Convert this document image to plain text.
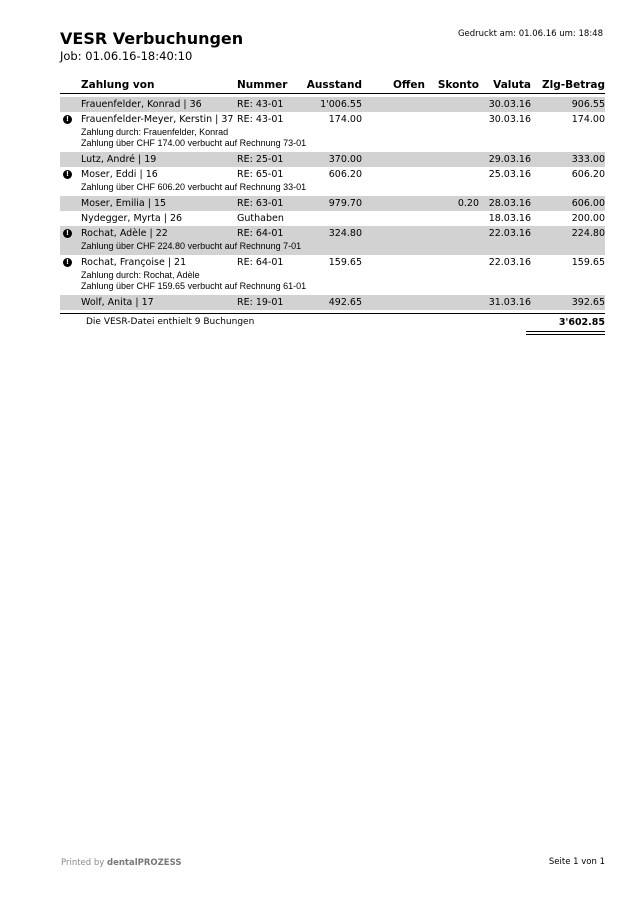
VESR Verbuchungen
Job: 01.06.16-18:40:10
Gedruckt am: 01.06.16 um: 18:48
Zahlung von	Nummer Ausstand	Offen Skonto Valuta Zlg-Betrag
Frauenfelder, Konrad | 36	RE: 43-01	1'006.55	30.03.16	906.55
!	Frauenfelder-Meyer, Kerstin | 37 RE: 43-01	174.00	30.03.16	174.00
Zahlung durch: Frauenfelder, Konrad
Zahlung über CHF 174.00 verbucht auf Rechnung 73-01
Lutz, André | 19	RE: 25-01	370.00	29.03.16	333.00
!	Moser, Eddi | 16	RE: 65-01	606.20	25.03.16	606.20
Zahlung über CHF 606.20 verbucht auf Rechnung 33-01
Moser, Emilia | 15	RE: 63-01	979.70	0.20 28.03.16	606.00
Nydegger, Myrta | 26	Guthaben	18.03.16	200.00
!	Rochat, Adèle | 22	RE: 64-01	324.80	22.03.16	224.80
Zahlung über CHF 224.80 verbucht auf Rechnung 7-01
!	Rochat, Françoise | 21	RE: 64-01	159.65	22.03.16	159.65
Zahlung durch: Rochat, Adèle
Zahlung über CHF 159.65 verbucht auf Rechnung 61-01
Wolf, Anita | 17	RE: 19-01	492.65	31.03.16	392.65
Die VESR-Datei enthielt 9 Buchungen	3'602.85
Printed by dentalPROZESS	Seite 1 von 1
